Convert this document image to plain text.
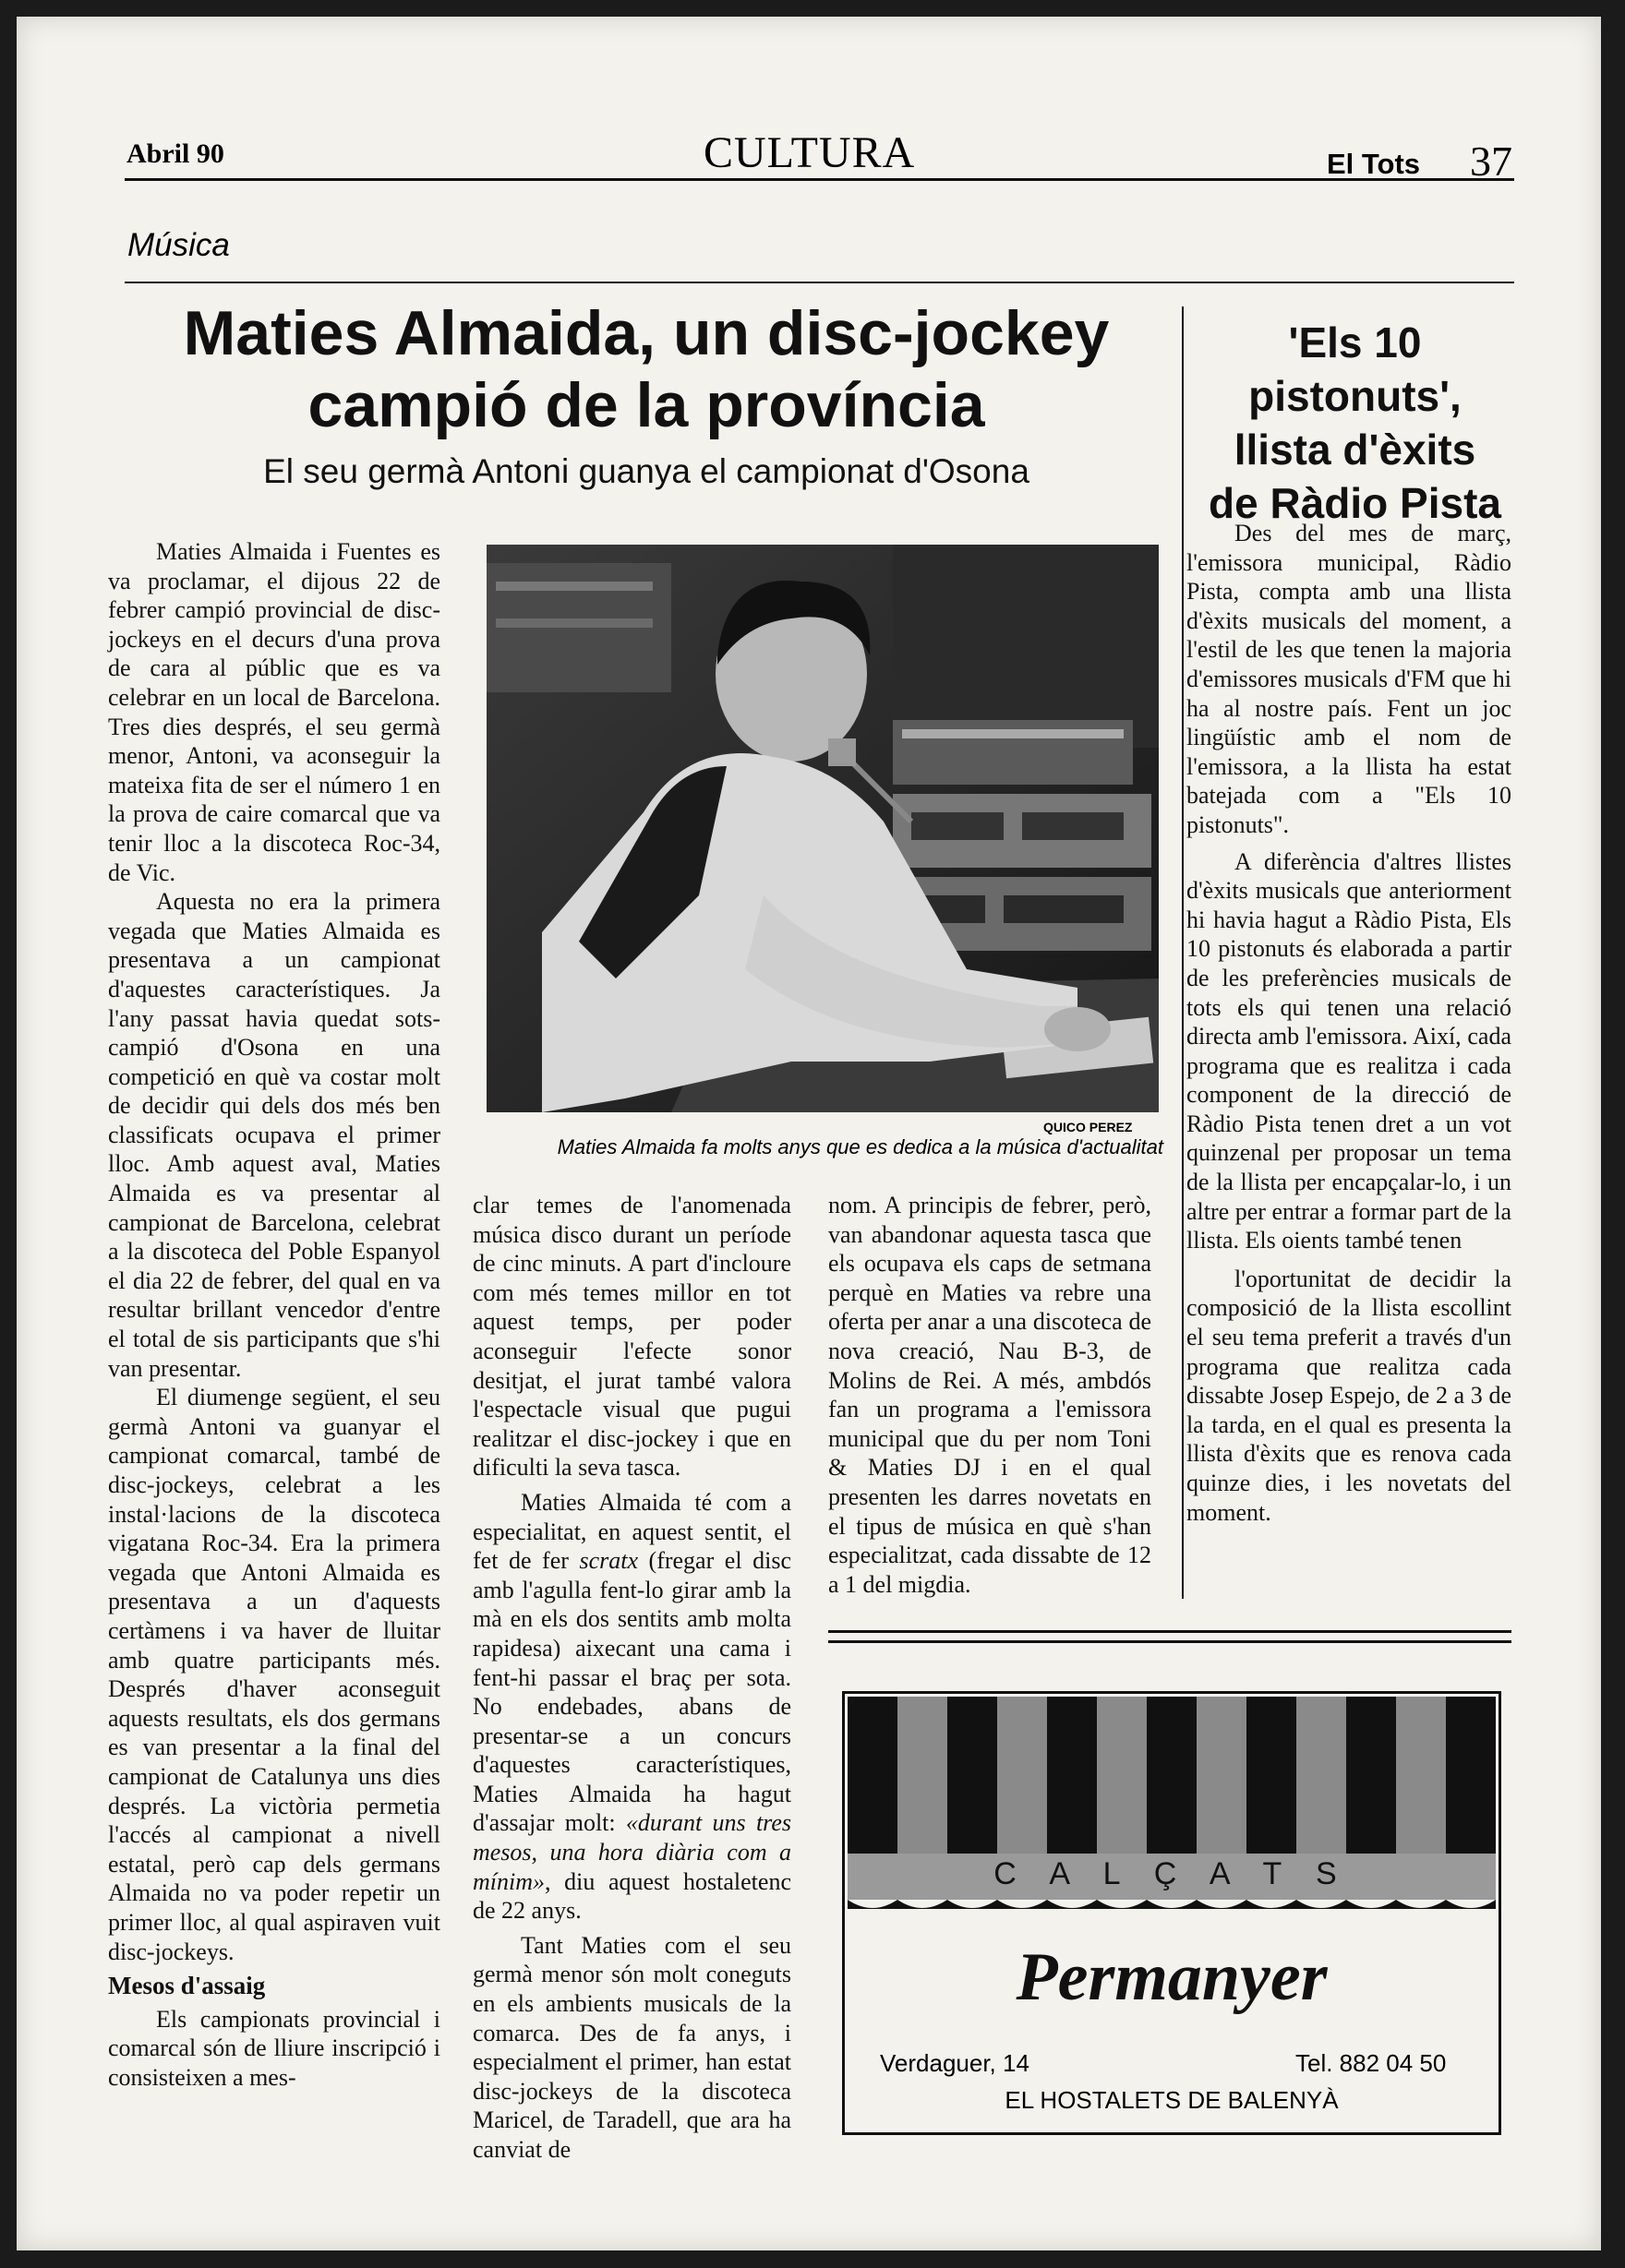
Abril 90	CULTURA	El Tots 37
Música
Maties Almaida, un disc-jockey
campió de la província
El seu germà Antoni guanya el campionat d'Osona
'Els 10
pistonuts',
llista d'èxits
de Ràdio Pista

Des del mes de març, l'emissora municipal, Ràdio Pista, compta amb una llista d'èxits musicals del moment, a l'estil de les que tenen la majoria d'emissores musicals d'FM que hi ha al nostre país. Fent un joc lingüístic amb el nom de l'emissora, a la llista ha estat batejada com a "Els 10 pistonuts".

A diferència d'altres llistes d'èxits musicals que anteriorment hi havia hagut a Ràdio Pista, Els 10 pistonuts és elaborada a partir de les preferències musicals de tots els qui tenen una relació directa amb l'emissora. Així, cada programa que es realitza i cada component de la direcció de Ràdio Pista tenen dret a un vot quinzenal per proposar un tema de la llista per encapçalar-lo, i un altre per entrar a formar part de la llista. Els oients també tenen

l'oportunitat de decidir la composició de la llista escollint el seu tema preferit a través d'un programa que realitza cada dissabte Josep Espejo, de 2 a 3 de la tarda, en el qual es presenta la llista d'èxits que es renova cada quinze dies, i les novetats del moment.

QUICO PEREZ
Maties Almaida fa molts anys que es dedica a la música d'actualitat

Maties Almaida i Fuentes es va proclamar, el dijous 22 de febrer campió provincial de disc-jockeys en el decurs d'una prova de cara al públic que es va celebrar en un local de Barcelona. Tres dies després, el seu germà menor, Antoni, va aconseguir la mateixa fita de ser el número 1 en la prova de caire comarcal que va tenir lloc a la discoteca Roc-34, de Vic.

Aquesta no era la primera vegada que Maties Almaida es presentava a un campionat d'aquestes característiques. Ja l'any passat havia quedat sots-campió d'Osona en una competició en què va costar molt de decidir qui dels dos més ben classificats ocupava el primer lloc. Amb aquest aval, Maties Almaida es va presentar al campionat de Barcelona, celebrat a la discoteca del Poble Espanyol el dia 22 de febrer, del qual en va resultar brillant vencedor d'entre el total de sis participants que s'hi van presentar.

El diumenge següent, el seu germà Antoni va guanyar el campionat comarcal, també de disc-jockeys, celebrat a les instal·lacions de la discoteca vigatana Roc-34. Era la primera vegada que Antoni Almaida es presentava a un d'aquests certàmens i va haver de lluitar amb quatre participants més. Després d'haver aconseguit aquests resultats, els dos germans es van presentar a la final del campionat de Catalunya uns dies després. La victòria permetia l'accés al campionat a nivell estatal, però cap dels germans Almaida no va poder repetir un primer lloc, al qual aspiraven vuit disc-jockeys.

Mesos d'assaig

Els campionats provincial i comarcal són de lliure inscripció i consisteixen a mes-

clar temes de l'anomenada música disco durant un període de cinc minuts. A part d'incloure com més temes millor en tot aquest temps, per poder aconseguir l'efecte sonor desitjat, el jurat també valora l'espectacle visual que pugui realitzar el disc-jockey i que en dificulti la seva tasca.

Maties Almaida té com a especialitat, en aquest sentit, el fet de fer scratx (fregar el disc amb l'agulla fent-lo girar amb la mà en els dos sentits amb molta rapidesa) aixecant una cama i fent-hi passar el braç per sota. No endebades, abans de presentar-se a un concurs d'aquestes característiques, Maties Almaida ha hagut d'assajar molt: «durant uns tres mesos, una hora diària com a mínim», diu aquest hostaletenc de 22 anys.

Tant Maties com el seu germà menor són molt coneguts en els ambients musicals de la comarca. Des de fa anys, i especialment el primer, han estat disc-jockeys de la discoteca Maricel, de Taradell, que ara ha canviat de

nom. A principis de febrer, però, van abandonar aquesta tasca que els ocupava els caps de setmana perquè en Maties va rebre una oferta per anar a una discoteca de nova creació, Nau B-3, de Molins de Rei. A més, ambdós fan un programa a l'emissora municipal que du per nom Toni & Maties DJ i en el qual presenten les darres novetats en el tipus de música en què s'han especialitzat, cada dissabte de 12 a 1 del migdia.

C A L Ç A T S
Permanyer
Verdaguer, 14	Tel. 882 04 50
EL HOSTALETS DE BALENYÀ
